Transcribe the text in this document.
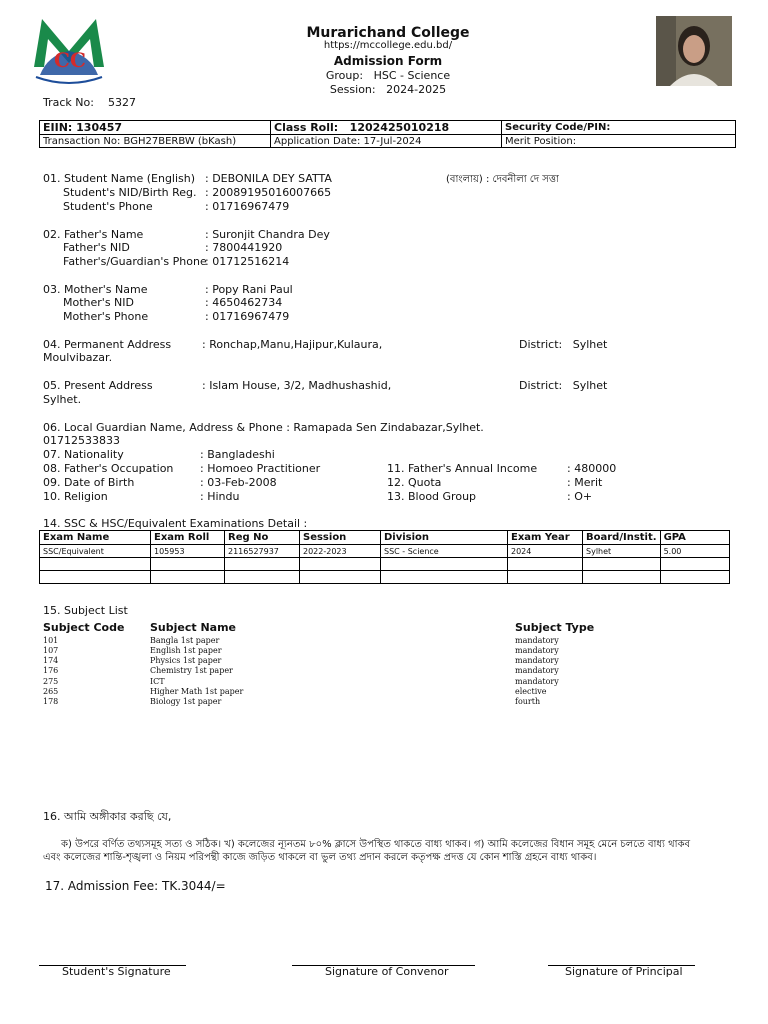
C C
Murarichand College
https://mccollege.edu.bd/
Admission Form
Group: HSC - Science
Session: 2024-2025
Track No: 5327
EIIN: 130457	Class Roll: 1202425010218	Security Code/PIN:
Transaction No: BGH27BERBW (bKash)	Application Date: 17-Jul-2024	Merit Position:
01. Student Name (English) : DEBONILA DEY SATTA	(বাংলায়) : দেবনীলা দে সত্তা
Student's NID/Birth Reg. : 20089195016007665
Student's Phone	: 01716967479
02. Father's Name	: Suronjit Chandra Dey
Father's NID	: 7800441920
Father's/Guardian's Phone
: 01712516214
03. Mother's Name	: Popy Rani Paul
Mother's NID	: 4650462734
Mother's Phone	: 01716967479
04. Permanent Address	: Ronchap,Manu,Hajipur,Kulaura,	District: Sylhet
Moulvibazar.
05. Present Address	: Islam House, 3/2, Madhushashid,	District: Sylhet
Sylhet.
06. Local Guardian Name, Address & Phone : Ramapada Sen Zindabazar,Sylhet.
01712533833
07. Nationality	: Bangladeshi
08. Father's Occupation : Homoeo Practitioner	11. Father's Annual Income	: 480000
09. Date of Birth	: 03-Feb-2008	12. Quota	: Merit
10. Religion	: Hindu	13. Blood Group	: O+
14. SSC & HSC/Equivalent Examinations Detail :
Exam Name	Exam Roll	Reg No	Session	Division	Exam Year	Board/Instit.	GPA
SSC/Equivalent	105953	2116527937	2022-2023	SSC - Science	2024	Sylhet	5.00

15. Subject List
Subject Code Subject Name	Subject Type
101	Bangla 1st paper	mandatory
107	English 1st paper	mandatory
174	Physics 1st paper	mandatory
176	Chemistry 1st paper	mandatory
275	ICT	mandatory
265	Higher Math 1st paper	elective
178	Biology 1st paper	fourth
16. আমি অঙ্গীকার করছি যে,
ক) উপরে বর্ণিত তথ্যসমূহ সত্য ও সঠিক। খ) কলেজের ন্যূনতম ৮০% ক্লাসে উপস্থিত থাকতে বাধ্য থাকব। গ) আমি কলেজের বিধান সমূহ মেনে চলতে বাধ্য থাকব
এবং কলেজের শান্তি-শৃঙ্খলা ও নিয়ম পরিপন্থী কাজে জড়িত থাকলে বা ভুল তথ্য প্রদান করলে কতৃপক্ষ প্রদত্ত যে কোন শাস্তি গ্রহনে বাধ্য থাকব।
17. Admission Fee: TK.3044/=
Student's Signature	Signature of Convenor	Signature of Principal
